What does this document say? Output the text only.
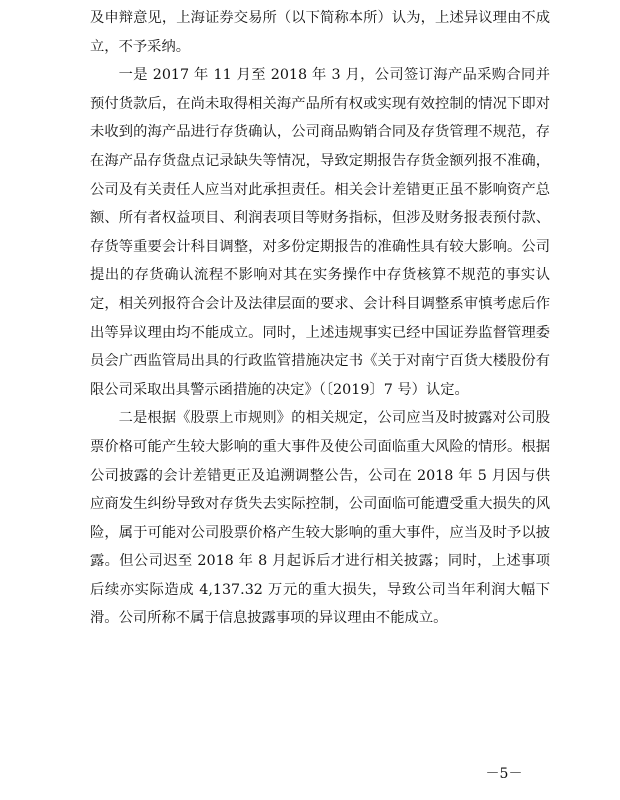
及申辩意见，上海证券交易所（以下简称本所）认为，上述异议理由不成立，不予采纳。

一是 2017 年 11 月至 2018 年 3 月，公司签订海产品采购合同并预付货款后，在尚未取得相关海产品所有权或实现有效控制的情况下即对未收到的海产品进行存货确认，公司商品购销合同及存货管理不规范，存在海产品存货盘点记录缺失等情况，导致定期报告存货金额列报不准确，公司及有关责任人应当对此承担责任。相关会计差错更正虽不影响资产总额、所有者权益项目、利润表项目等财务指标，但涉及财务报表预付款、存货等重要会计科目调整，对多份定期报告的准确性具有较大影响。公司提出的存货确认流程不影响对其在实务操作中存货核算不规范的事实认定，相关列报符合会计及法律层面的要求、会计科目调整系审慎考虑后作出等异议理由均不能成立。同时，上述违规事实已经中国证券监督管理委员会广西监管局出具的行政监管措施决定书《关于对南宁百货大楼股份有限公司采取出具警示函措施的决定》（〔2019〕7 号）认定。

二是根据《股票上市规则》的相关规定，公司应当及时披露对公司股票价格可能产生较大影响的重大事件及使公司面临重大风险的情形。根据公司披露的会计差错更正及追溯调整公告，公司在 2018 年 5 月因与供应商发生纠纷导致对存货失去实际控制，公司面临可能遭受重大损失的风险，属于可能对公司股票价格产生较大影响的重大事件，应当及时予以披露。但公司迟至 2018 年 8 月起诉后才进行相关披露；同时，上述事项后续亦实际造成 4,137.32 万元的重大损失，导致公司当年利润大幅下滑。公司所称不属于信息披露事项的异议理由不能成立。

－5－
